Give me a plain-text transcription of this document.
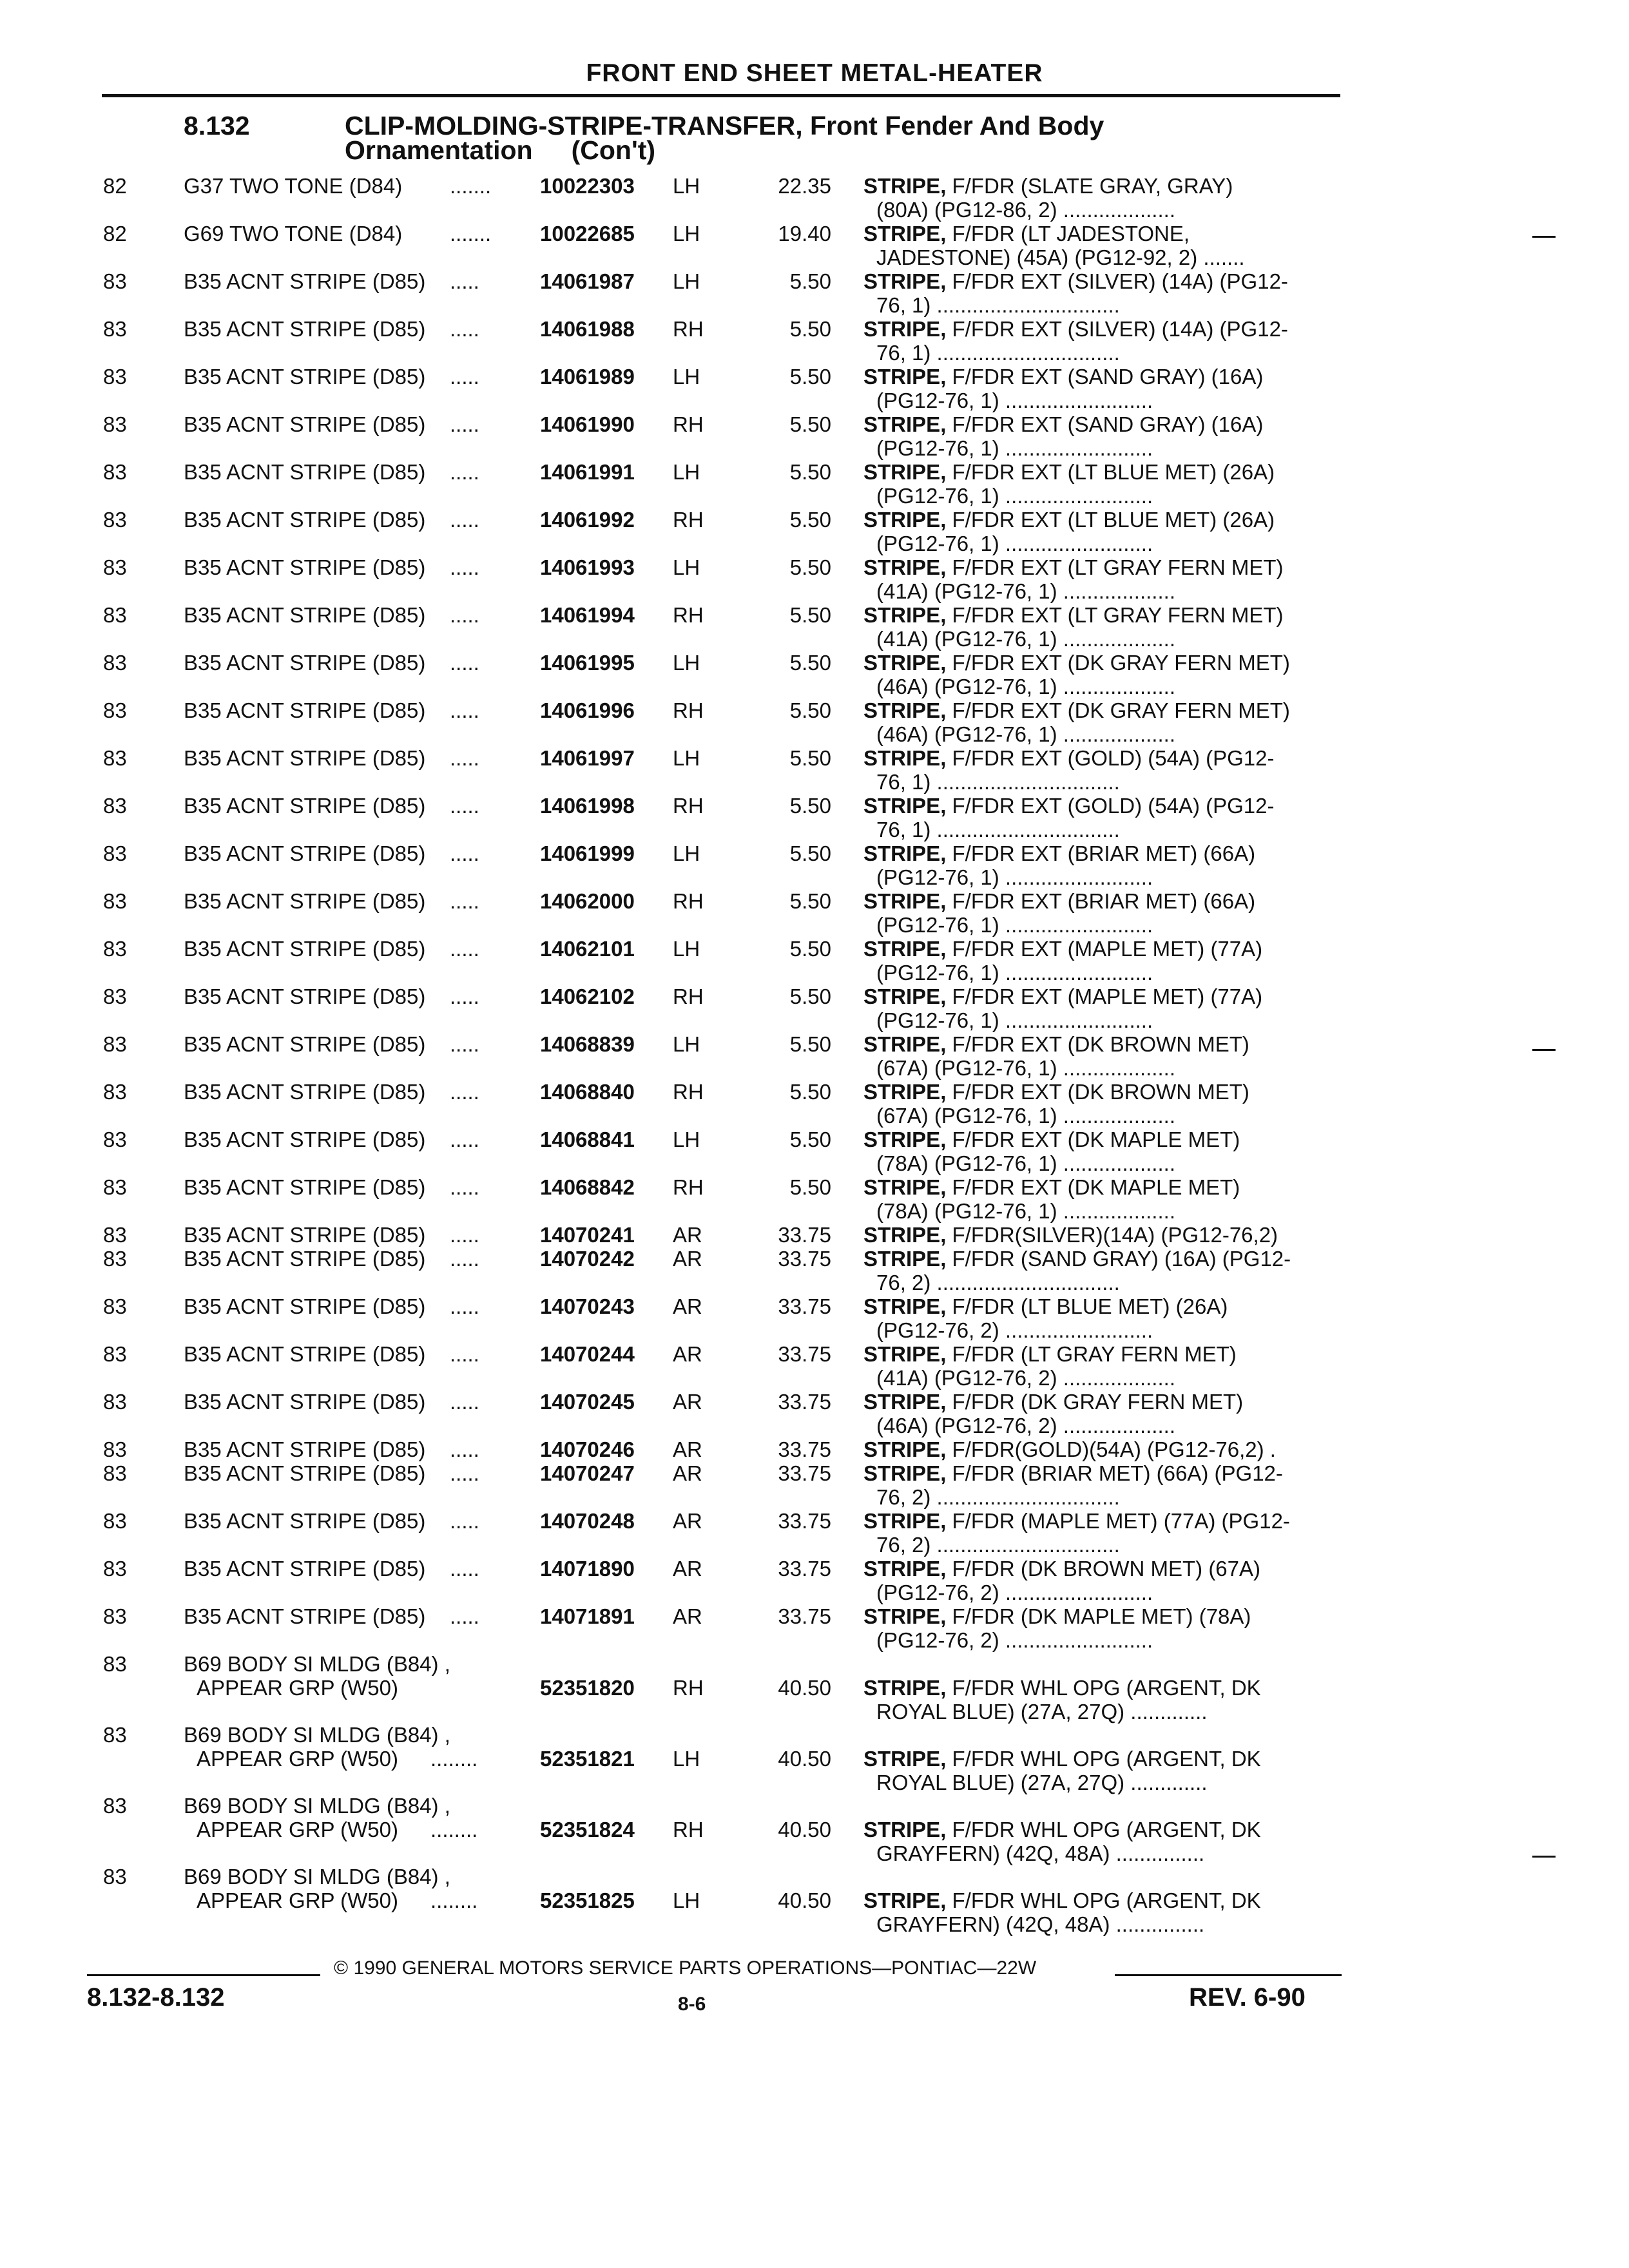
FRONT END SHEET METAL-HEATER
8.132	CLIP-MOLDING-STRIPE-TRANSFER, Front Fender And Body
Ornamentation (Con't)
82	G37 TWO TONE (D84) ....... 10022303 LH	22.35 STRIPE, F/FDR (SLATE GRAY, GRAY)
(80A) (PG12-86, 2) ...................
82	G69 TWO TONE (D84) ....... 10022685 LH	19.40 STRIPE, F/FDR (LT JADESTONE,
JADESTONE) (45A) (PG12-92, 2) .......
83	B35 ACNT STRIPE (D85) .....	14061987 LH	5.50 STRIPE, F/FDR EXT (SILVER) (14A) (PG12-
76, 1) ...............................
83	B35 ACNT STRIPE (D85) .....	14061988 RH	5.50 STRIPE, F/FDR EXT (SILVER) (14A) (PG12-
76, 1) ...............................
83	B35 ACNT STRIPE (D85) .....	14061989 LH	5.50 STRIPE, F/FDR EXT (SAND GRAY) (16A)
(PG12-76, 1) .........................
83	B35 ACNT STRIPE (D85) .....	14061990 RH	5.50 STRIPE, F/FDR EXT (SAND GRAY) (16A)
(PG12-76, 1) .........................
83	B35 ACNT STRIPE (D85) .....	14061991 LH	5.50 STRIPE, F/FDR EXT (LT BLUE MET) (26A)
(PG12-76, 1) .........................
83	B35 ACNT STRIPE (D85) .....	14061992 RH	5.50 STRIPE, F/FDR EXT (LT BLUE MET) (26A)
(PG12-76, 1) .........................
83	B35 ACNT STRIPE (D85) .....	14061993 LH	5.50 STRIPE, F/FDR EXT (LT GRAY FERN MET)
(41A) (PG12-76, 1) ...................
83	B35 ACNT STRIPE (D85) .....	14061994 RH	5.50 STRIPE, F/FDR EXT (LT GRAY FERN MET)
(41A) (PG12-76, 1) ...................
83	B35 ACNT STRIPE (D85) .....	14061995 LH	5.50 STRIPE, F/FDR EXT (DK GRAY FERN MET)
(46A) (PG12-76, 1) ...................
83	B35 ACNT STRIPE (D85) .....	14061996 RH	5.50 STRIPE, F/FDR EXT (DK GRAY FERN MET)
(46A) (PG12-76, 1) ...................
83	B35 ACNT STRIPE (D85) .....	14061997 LH	5.50 STRIPE, F/FDR EXT (GOLD) (54A) (PG12-
76, 1) ...............................
83	B35 ACNT STRIPE (D85) .....	14061998 RH	5.50 STRIPE, F/FDR EXT (GOLD) (54A) (PG12-
76, 1) ...............................
83	B35 ACNT STRIPE (D85) .....	14061999 LH	5.50 STRIPE, F/FDR EXT (BRIAR MET) (66A)
(PG12-76, 1) .........................
83	B35 ACNT STRIPE (D85) .....	14062000 RH	5.50 STRIPE, F/FDR EXT (BRIAR MET) (66A)
(PG12-76, 1) .........................
83	B35 ACNT STRIPE (D85) .....	14062101 LH	5.50 STRIPE, F/FDR EXT (MAPLE MET) (77A)
(PG12-76, 1) .........................
83	B35 ACNT STRIPE (D85) .....	14062102 RH	5.50 STRIPE, F/FDR EXT (MAPLE MET) (77A)
(PG12-76, 1) .........................
83	B35 ACNT STRIPE (D85) .....	14068839 LH	5.50 STRIPE, F/FDR EXT (DK BROWN MET)
(67A) (PG12-76, 1) ...................
83	B35 ACNT STRIPE (D85) .....	14068840 RH	5.50 STRIPE, F/FDR EXT (DK BROWN MET)
(67A) (PG12-76, 1) ...................
83	B35 ACNT STRIPE (D85) .....	14068841 LH	5.50 STRIPE, F/FDR EXT (DK MAPLE MET)
(78A) (PG12-76, 1) ...................
83	B35 ACNT STRIPE (D85) .....	14068842 RH	5.50 STRIPE, F/FDR EXT (DK MAPLE MET)
(78A) (PG12-76, 1) ...................
83	B35 ACNT STRIPE (D85) .....	14070241 AR	33.75 STRIPE, F/FDR(SILVER)(14A) (PG12-76,2)
83	B35 ACNT STRIPE (D85) .....	14070242 AR	33.75 STRIPE, F/FDR (SAND GRAY) (16A) (PG12-
76, 2) ...............................
83	B35 ACNT STRIPE (D85) .....	14070243 AR	33.75 STRIPE, F/FDR (LT BLUE MET) (26A)
(PG12-76, 2) .........................
83	B35 ACNT STRIPE (D85) .....	14070244 AR	33.75 STRIPE, F/FDR (LT GRAY FERN MET)
(41A) (PG12-76, 2) ...................
83	B35 ACNT STRIPE (D85) .....	14070245 AR	33.75 STRIPE, F/FDR (DK GRAY FERN MET)
(46A) (PG12-76, 2) ...................
83	B35 ACNT STRIPE (D85) .....	14070246 AR	33.75 STRIPE, F/FDR(GOLD)(54A) (PG12-76,2) .
83	B35 ACNT STRIPE (D85) .....	14070247 AR	33.75 STRIPE, F/FDR (BRIAR MET) (66A) (PG12-
76, 2) ...............................
83	B35 ACNT STRIPE (D85) .....	14070248 AR	33.75 STRIPE, F/FDR (MAPLE MET) (77A) (PG12-
76, 2) ...............................
83	B35 ACNT STRIPE (D85) .....	14071890 AR	33.75 STRIPE, F/FDR (DK BROWN MET) (67A)
(PG12-76, 2) .........................
83	B35 ACNT STRIPE (D85) .....	14071891 AR	33.75 STRIPE, F/FDR (DK MAPLE MET) (78A)
(PG12-76, 2) .........................
83	B69 BODY SI MLDG (B84) ,
APPEAR GRP (W50)	52351820 RH	40.50 STRIPE, F/FDR WHL OPG (ARGENT, DK
ROYAL BLUE) (27A, 27Q) .............
83	B69 BODY SI MLDG (B84) ,
APPEAR GRP (W50) ........	52351821 LH	40.50 STRIPE, F/FDR WHL OPG (ARGENT, DK
ROYAL BLUE) (27A, 27Q) .............
83	B69 BODY SI MLDG (B84) ,
APPEAR GRP (W50) ........	52351824 RH	40.50 STRIPE, F/FDR WHL OPG (ARGENT, DK
GRAYFERN) (42Q, 48A) ...............
83	B69 BODY SI MLDG (B84) ,
APPEAR GRP (W50) ........	52351825 LH	40.50 STRIPE, F/FDR WHL OPG (ARGENT, DK
GRAYFERN) (42Q, 48A) ...............
© 1990 GENERAL MOTORS SERVICE PARTS OPERATIONS—PONTIAC—22W
8.132-8.132	8-6	REV. 6-90
